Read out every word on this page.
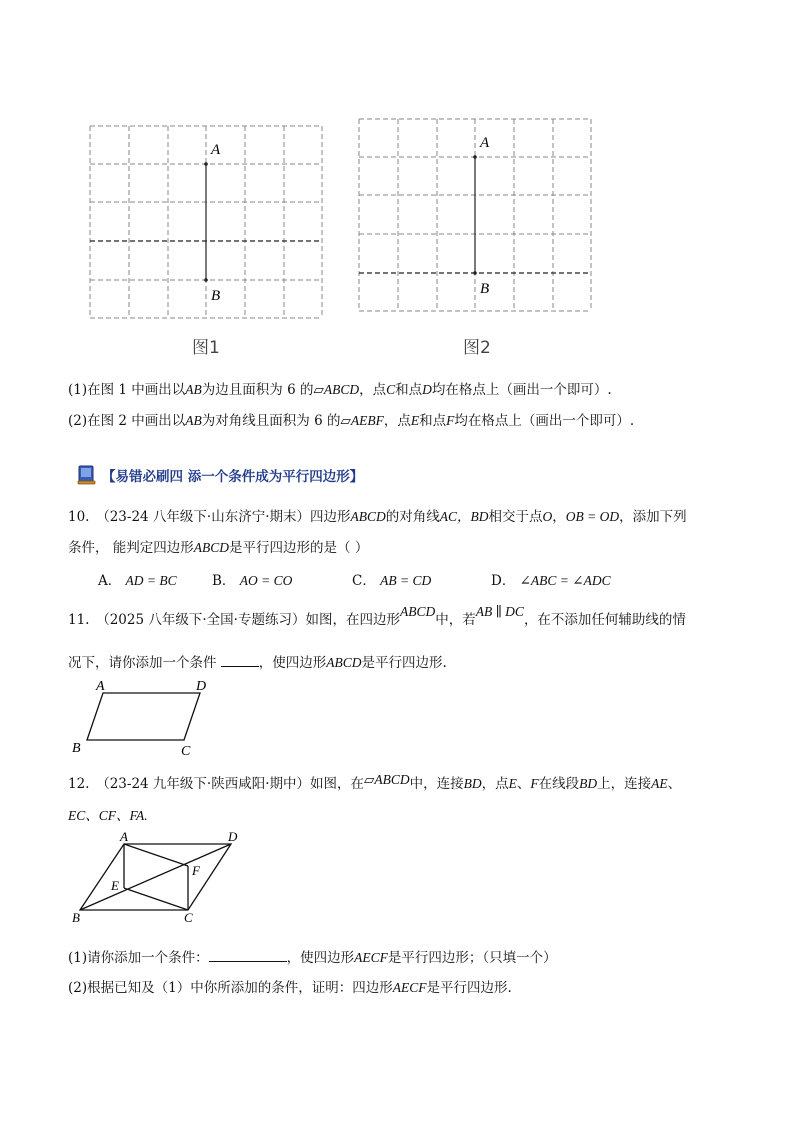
A
B
图1
A
B
图2
(1)在图 1 中画出以AB为边且面积为 6 的▱ABCD，点C和点D均在格点上（画出一个即可）.
(2)在图 2 中画出以AB为对角线且面积为 6 的▱AEBF，点E和点F均在格点上（画出一个即可）.
【易错必刷四 添一个条件成为平行四边形】
10.　（23-24 八年级下·山东济宁·期末）四边形ABCD的对角线AC，BD相交于点O，OB = OD，添加下列
条件， 能判定四边形ABCD是平行四边形的是（ ）
A． AD = BC	B． AO = CO	C． AB = CD	D． ∠ABC = ∠ADC
11.　（2025 八年级下·全国·专题练习）如图，在四边形ABCD中，若AB ∥ DC，在不添加任何辅助线的情
况下，请你添加一个条件	，使四边形ABCD是平行四边形.
A	D
B	C
12.　（23-24 九年级下·陕西咸阳·期中）如图，在▱ABCD中，连接BD，点E、F在线段BD上，连接AE、
EC、CF、FA.
A	D
B	C
E
F
(1)请你添加一个条件：	，使四边形AECF是平行四边形；（只填一个）
(2)根据已知及（1）中你所添加的条件，证明：四边形AECF是平行四边形.
